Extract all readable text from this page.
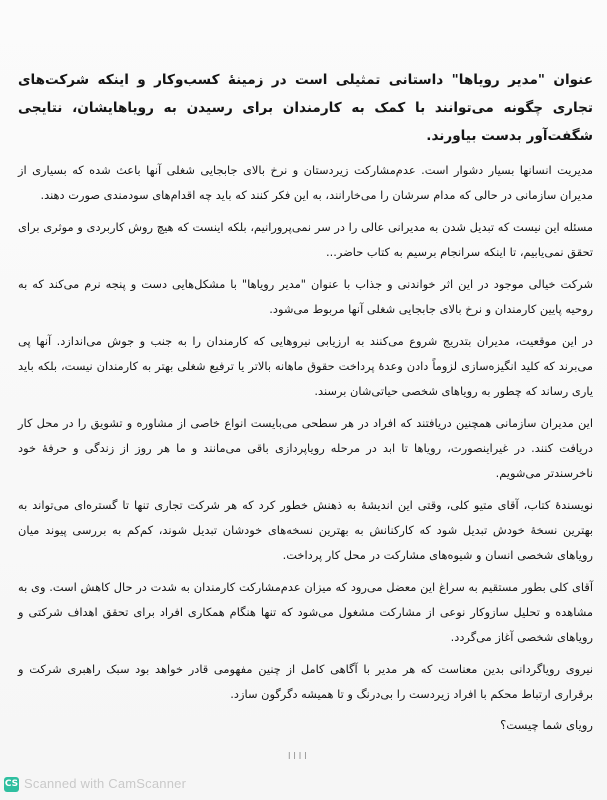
عنوان "مدیر رویاها" داستانی تمثیلی است در زمینهٔ کسب‌وکار و اینکه شرکت‌های تجاری چگونه می‌توانند با کمک به کارمندان برای رسیدن به رویاهایشان، نتایجی شگفت‌آور بدست بیاورند.

مدیریت انسانها بسیار دشوار است. عدم‌مشارکت زیردستان و نرخ بالای جابجایی شغلی آنها باعث شده که بسیاری از مدیران سازمانی در حالی که مدام سرشان را می‌خارانند، به این فکر کنند که باید چه اقدام‌های سودمندی صورت دهند.

مسئله این نیست که تبدیل شدن به مدیرانی عالی را در سر نمی‌پرورانیم، بلکه اینست که هیچ روش کاربردی و موثری برای تحقق نمی‌یابیم، تا اینکه سرانجام برسیم به کتاب حاضر...

شرکت خیالی موجود در این اثر خواندنی و جذاب با عنوان "مدیر رویاها" با مشکل‌هایی دست و پنجه نرم می‌کند که به روحیه پایین کارمندان و نرخ بالای جابجایی شغلی آنها مربوط می‌شود.

در این موقعیت، مدیران بتدریج شروع می‌کنند به ارزیابی نیروهایی که کارمندان را به جنب و جوش می‌اندازد. آنها پی می‌برند که کلید انگیزه‌سازی لزوماً دادن وعدهٔ پرداخت حقوق ماهانه بالاتر یا ترفیع شغلی بهتر به کارمندان نیست، بلکه باید یاری رساند که چطور به رویاهای شخصی حیاتی‌شان برسند.

این مدیران سازمانی همچنین دریافتند که افراد در هر سطحی می‌بایست انواع خاصی از مشاوره و تشویق را در محل کار دریافت کنند. در غیراینصورت، رویاها تا ابد در مرحله رویاپردازی باقی می‌مانند و ما هر روز از زندگی و حرفهٔ خود ناخرسندتر می‌شویم.

نویسندهٔ کتاب، آقای متیو کلی، وقتی این اندیشهٔ به ذهنش خطور کرد که هر شرکت تجاری تنها تا گستره‌ای می‌تواند به بهترین نسخهٔ خودش تبدیل شود که کارکنانش به بهترین نسخه‌های خودشان تبدیل شوند، کم‌کم به بررسی پیوند میان رویاهای شخصی انسان و شیوه‌های مشارکت در محل کار پرداخت.

آقای کلی بطور مستقیم به سراغ این معضل می‌رود که میزان عدم‌مشارکت کارمندان به شدت در حال کاهش است. وی به مشاهده و تحلیل سازوکار نوعی از مشارکت مشغول می‌شود که تنها هنگام همکاری افراد برای تحقق اهداف شرکتی و رویاهای شخصی آغاز می‌گردد.

نیروی رویاگردانی بدین معناست که هر مدیر با آگاهی کامل از چنین مفهومی قادر خواهد بود سبک راهبری شرکت و برقراری ارتباط محکم با افراد زیردست را بی‌درنگ و تا همیشه دگرگون سازد.

رویای شما چیست؟

ا ا ا ا
CS Scanned with CamScanner
